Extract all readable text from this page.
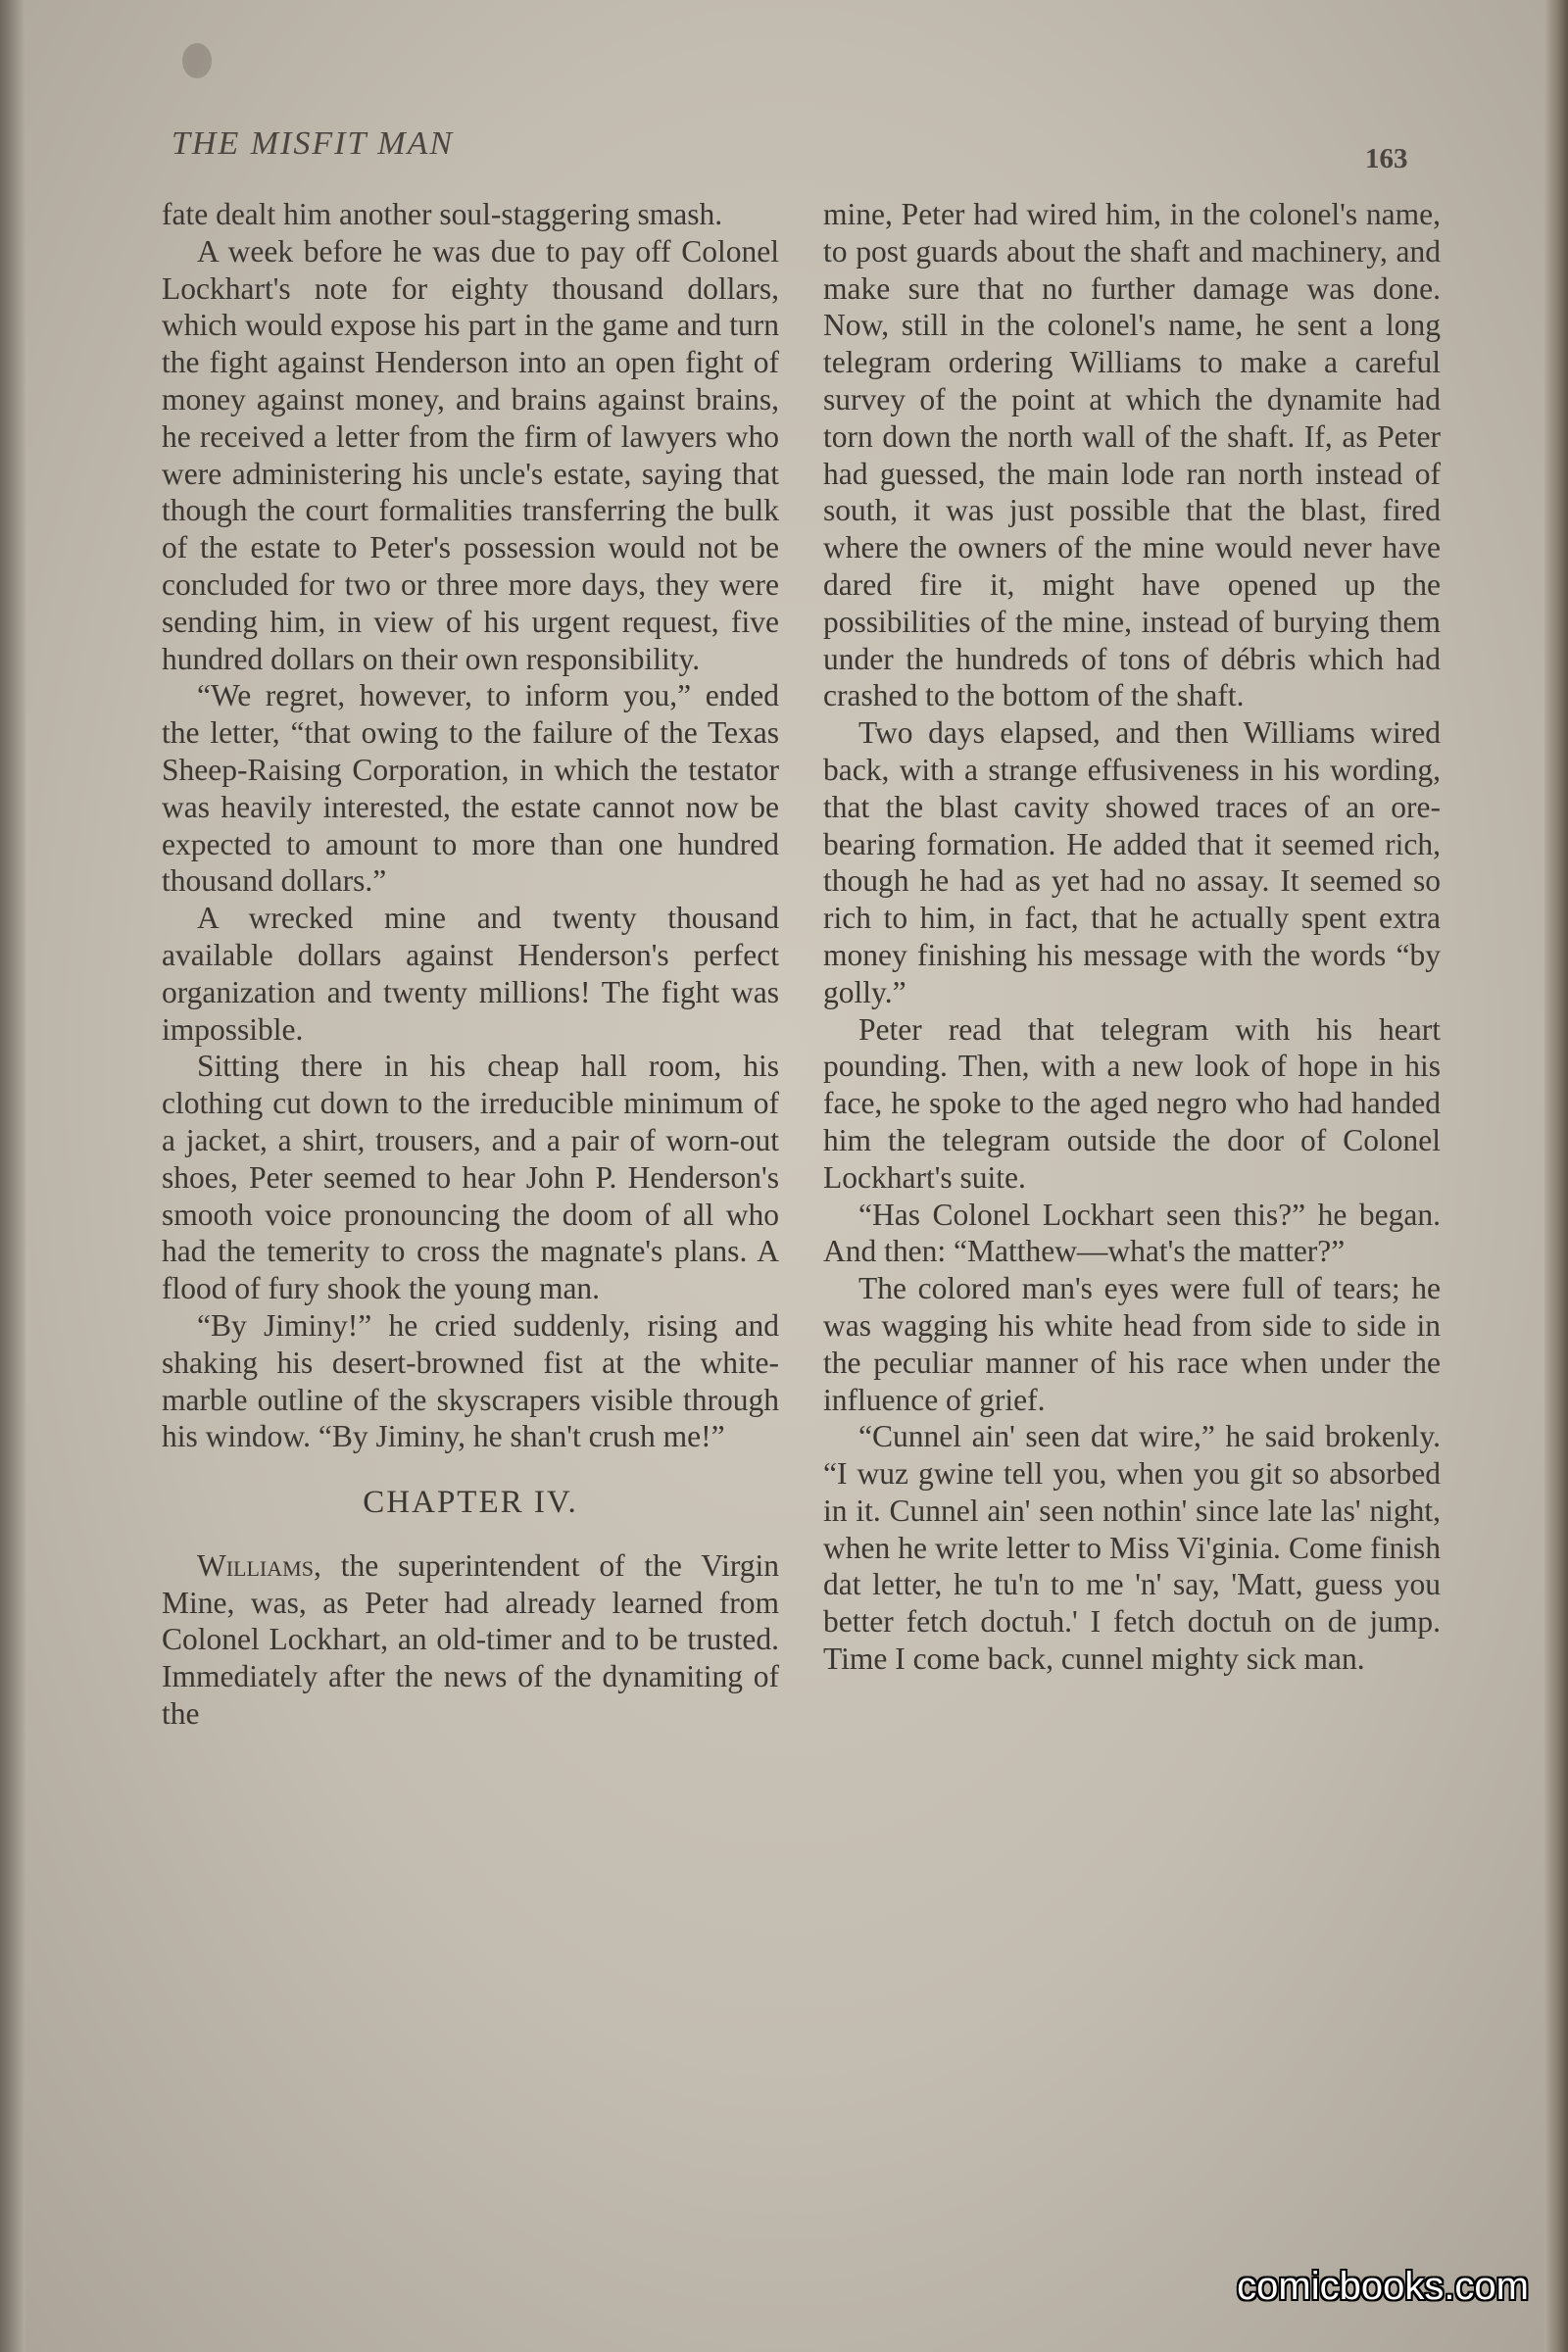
THE MISFIT MAN	163

fate dealt him another soul-staggering smash.

A week before he was due to pay off Colonel Lockhart's note for eighty thousand dollars, which would expose his part in the game and turn the fight against Henderson into an open fight of money against money, and brains against brains, he received a letter from the firm of lawyers who were administering his uncle's estate, saying that though the court formalities transferring the bulk of the estate to Peter's possession would not be concluded for two or three more days, they were sending him, in view of his urgent request, five hundred dollars on their own responsibility.

“We regret, however, to inform you,” ended the letter, “that owing to the failure of the Texas Sheep-Raising Corporation, in which the testator was heavily interested, the estate cannot now be expected to amount to more than one hundred thousand dollars.”

A wrecked mine and twenty thousand available dollars against Henderson's perfect organization and twenty millions! The fight was impossible.

Sitting there in his cheap hall room, his clothing cut down to the irreducible minimum of a jacket, a shirt, trousers, and a pair of worn-out shoes, Peter seemed to hear John P. Henderson's smooth voice pronouncing the doom of all who had the temerity to cross the magnate's plans. A flood of fury shook the young man.

“By Jiminy!” he cried suddenly, rising and shaking his desert-browned fist at the white-marble outline of the skyscrapers visible through his window. “By Jiminy, he shan't crush me!”

CHAPTER IV.

Williams, the superintendent of the Virgin Mine, was, as Peter had already learned from Colonel Lockhart, an old-timer and to be trusted. Immediately after the news of the dynamiting of the

mine, Peter had wired him, in the colonel's name, to post guards about the shaft and machinery, and make sure that no further damage was done. Now, still in the colonel's name, he sent a long telegram ordering Williams to make a careful survey of the point at which the dynamite had torn down the north wall of the shaft. If, as Peter had guessed, the main lode ran north instead of south, it was just possible that the blast, fired where the owners of the mine would never have dared fire it, might have opened up the possibilities of the mine, instead of burying them under the hundreds of tons of débris which had crashed to the bottom of the shaft.

Two days elapsed, and then Williams wired back, with a strange effusiveness in his wording, that the blast cavity showed traces of an ore-bearing formation. He added that it seemed rich, though he had as yet had no assay. It seemed so rich to him, in fact, that he actually spent extra money finishing his message with the words “by golly.”

Peter read that telegram with his heart pounding. Then, with a new look of hope in his face, he spoke to the aged negro who had handed him the telegram outside the door of Colonel Lockhart's suite.

“Has Colonel Lockhart seen this?” he began. And then: “Matthew—what's the matter?”

The colored man's eyes were full of tears; he was wagging his white head from side to side in the peculiar manner of his race when under the influence of grief.

“Cunnel ain' seen dat wire,” he said brokenly. “I wuz gwine tell you, when you git so absorbed in it. Cunnel ain' seen nothin' since late las' night, when he write letter to Miss Vi'ginia. Come finish dat letter, he tu'n to me 'n' say, 'Matt, guess you better fetch doctuh.' I fetch doctuh on de jump. Time I come back, cunnel mighty sick man.

comicbooks.com
